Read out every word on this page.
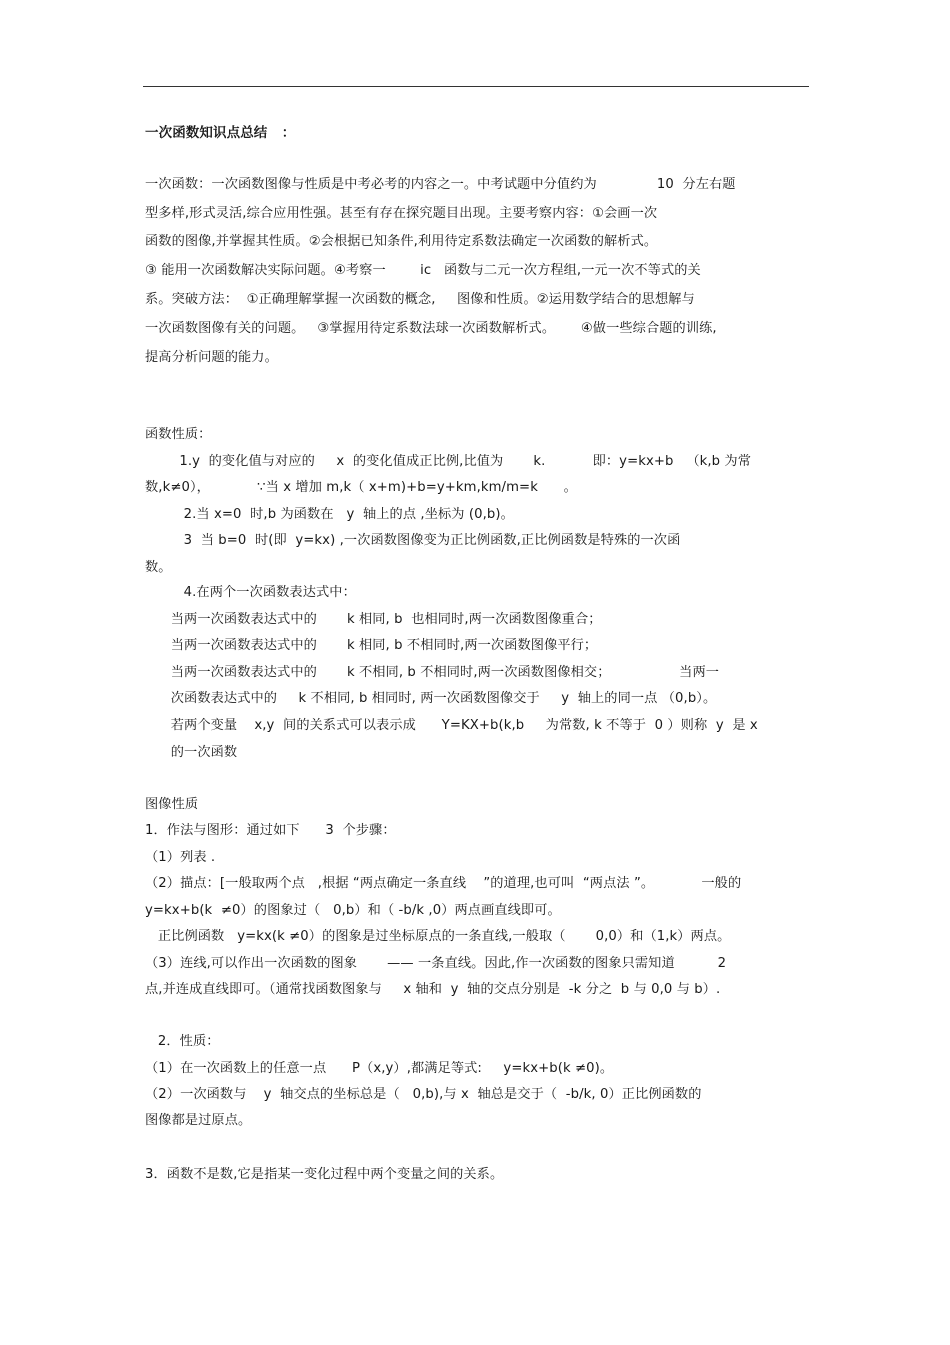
一次函数知识点总结   ：
一次函数：一次函数图像与性质是中考必考的内容之一。中考试题中分值约为              10  分左右题
型多样,形式灵活,综合应用性强。甚至有存在探究题目出现。主要考察内容：①会画一次
函数的图像,并掌握其性质。②会根据已知条件,利用待定系数法确定一次函数的解析式。
③ 能用一次函数解决实际问题。④考察一        ic   函数与二元一次方程组,一元一次不等式的关
系。突破方法：  ①正确理解掌握一次函数的概念,     图像和性质。②运用数学结合的思想解与
一次函数图像有关的问题。   ③掌握用待定系数法球一次函数解析式。      ④做一些综合题的训练,
提高分析问题的能力。
函数性质：
1.y  的变化值与对应的     x  的变化值成正比例,比值为       k.           即：y=kx+b   （k,b 为常
数,k≠0），           ∵当 x 增加 m,k（ x+m)+b=y+km,km/m=k      。
2.当 x=0  时,b 为函数在   y  轴上的点 ,坐标为 (0,b)。
3  当 b=0  时(即  y=kx) ,一次函数图像变为正比例函数,正比例函数是特殊的一次函
数。
4.在两个一次函数表达式中：
当两一次函数表达式中的       k 相同, b  也相同时,两一次函数图像重合；
当两一次函数表达式中的       k 相同, b 不相同时,两一次函数图像平行；
当两一次函数表达式中的       k 不相同, b 不相同时,两一次函数图像相交；                当两一
次函数表达式中的     k 不相同, b 相同时, 两一次函数图像交于     y  轴上的同一点 （0,b）。
若两个变量    x,y  间的关系式可以表示成      Y=KX+b(k,b     为常数, k 不等于  0 ）则称  y  是 x
的一次函数
图像性质
1．作法与图形：通过如下      3  个步骤：
（1）列表 .
（2）描点：[一般取两个点   ,根据 “两点确定一条直线    ”的道理,也可叫  “两点法 ”。           一般的
y=kx+b(k  ≠0）的图象过（   0,b）和（ -b/k ,0）两点画直线即可。
正比例函数   y=kx(k ≠0）的图象是过坐标原点的一条直线,一般取（       0,0）和（1,k）两点。
（3）连线,可以作出一次函数的图象       —— 一条直线。因此,作一次函数的图象只需知道          2
点,并连成直线即可。（通常找函数图象与     x 轴和  y  轴的交点分别是  -k 分之  b 与 0,0 与 b）.
2．性质：
（1）在一次函数上的任意一点      P（x,y）,都满足等式:     y=kx+b(k ≠0)。
（2）一次函数与    y  轴交点的坐标总是（   0,b),与 x  轴总是交于（  -b/k, 0）正比例函数的
图像都是过原点。
3．函数不是数,它是指某一变化过程中两个变量之间的关系。
